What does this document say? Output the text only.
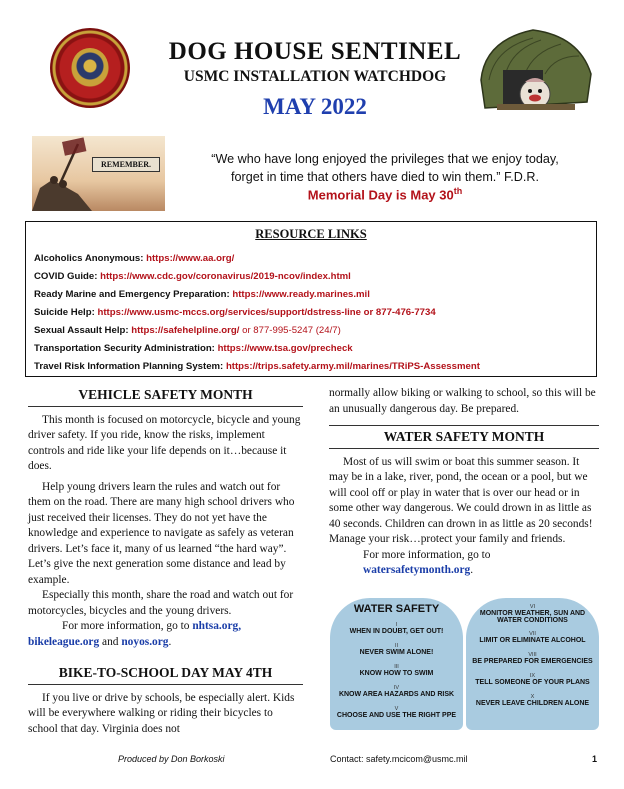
DOG HOUSE SENTINEL
USMC INSTALLATION WATCHDOG
MAY 2022
REMEMBER.	“We who have long enjoyed the privileges that we enjoy today,
forget in time that others have died to win them.” F.D.R.
Memorial Day is May 30th
RESOURCE LINKS
Alcoholics Anonymous: https://www.aa.org/
COVID Guide: https://www.cdc.gov/coronavirus/2019-ncov/index.html
Ready Marine and Emergency Preparation: https://www.ready.marines.mil
Suicide Help: https://www.usmc-mccs.org/services/support/dstress-line or 877-476-7734
Sexual Assault Help: https://safehelpline.org/ or 877-995-5247 (24/7)
Transportation Security Administration: https://www.tsa.gov/precheck
Travel Risk Information Planning System: https://trips.safety.army.mil/marines/TRiPS-Assessment
VEHICLE SAFETY MONTH

This month is focused on motorcycle, bicycle and young driver safety. If you ride, know the risks, implement controls and ride like your life depends on it…because it does.

Help young drivers learn the rules and watch out for them on the road. There are many high school drivers who just received their licenses. They do not yet have the knowledge and experience to navigate as safely as veteran drivers. Let’s face it, many of us learned “the hard way”. Let’s give the next generation some distance and lead by example.

Especially this month, share the road and watch out for motorcycles, bicycles and the young drivers.

For more information, go to nhtsa.org,
bikeleague.org and noyos.org.

BIKE-TO-SCHOOL DAY MAY 4TH

If you live or drive by schools, be especially alert. Kids will be everywhere walking or riding their bicycles to school that day. Virginia does not

normally allow biking or walking to school, so this will be an unusually dangerous day. Be prepared.

WATER SAFETY MONTH

Most of us will swim or boat this summer season. It may be in a lake, river, pond, the ocean or a pool, but we will cool off or play in water that is over our head or in some other way dangerous. We could drown in as little as 40 seconds. Children can drown in as little as 20 seconds! Manage your risk…protect your family and friends.

For more information, go to
watersafetymonth.org.

WATER SAFETY
I
WHEN IN DOUBT, GET OUT!
II
NEVER SWIM ALONE!
III
KNOW HOW TO SWIM
IV
KNOW AREA HAZARDS AND RISK
V
CHOOSE AND USE THE RIGHT PPE
VI
MONITOR WEATHER, SUN AND WATER CONDITIONS
VII
LIMIT OR ELIMINATE ALCOHOL
VIII
BE PREPARED FOR EMERGENCIES
IX
TELL SOMEONE OF YOUR PLANS
X
NEVER LEAVE CHILDREN ALONE
Produced by Don Borkoski	Contact: safety.mcicom@usmc.mil	1
